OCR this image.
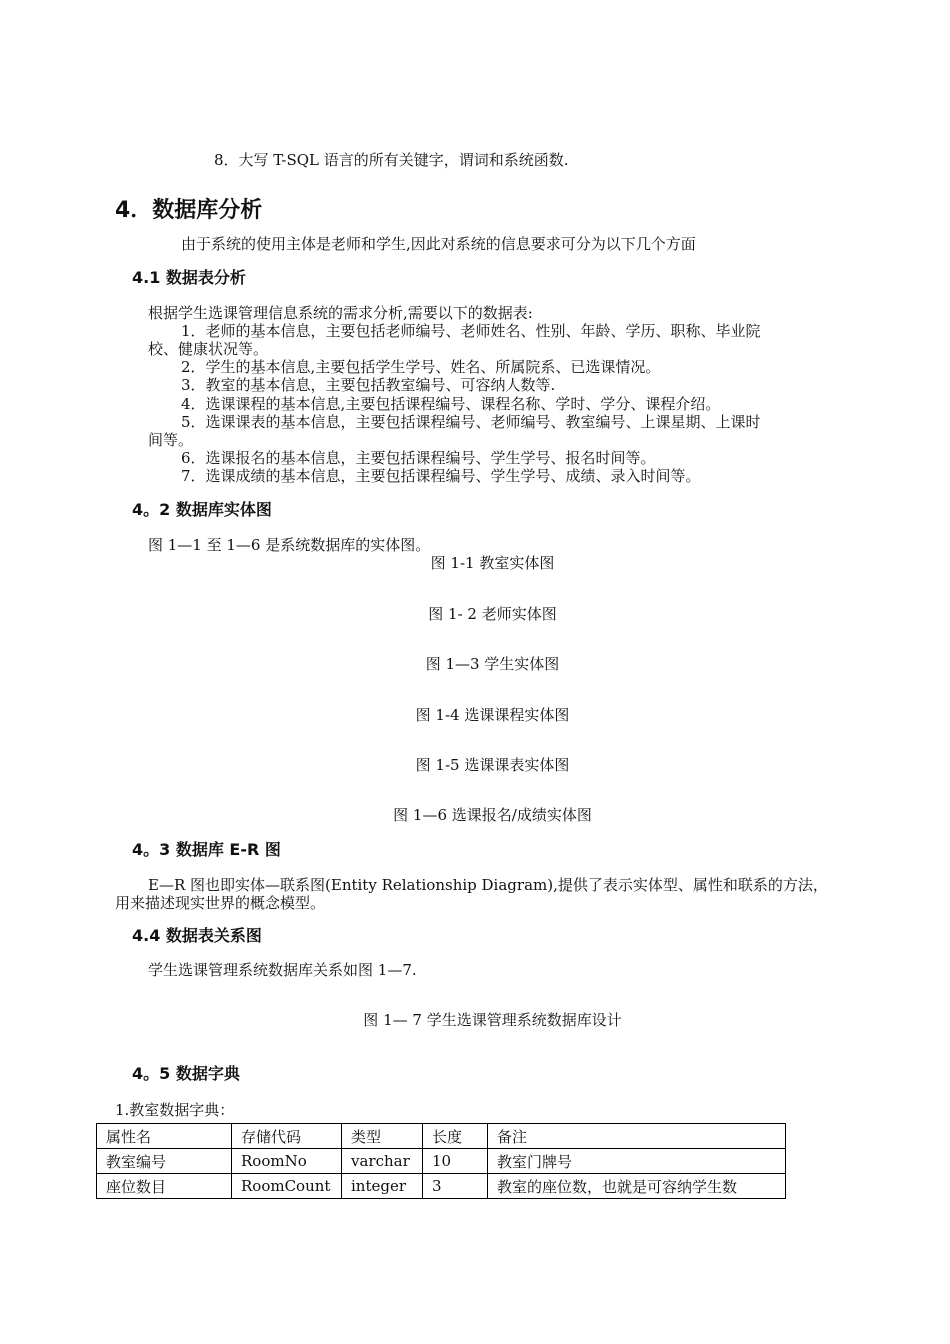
8．大写 T-SQL 语言的所有关键字，谓词和系统函数.
4．数据库分析
由于系统的使用主体是老师和学生,因此对系统的信息要求可分为以下几个方面
4.1 数据表分析
根据学生选课管理信息系统的需求分析,需要以下的数据表:
1．老师的基本信息，主要包括老师编号、老师姓名、性别、年龄、学历、职称、毕业院
校、健康状况等。
2．学生的基本信息,主要包括学生学号、姓名、所属院系、已选课情况。
3．教室的基本信息，主要包括教室编号、可容纳人数等.
4．选课课程的基本信息,主要包括课程编号、课程名称、学时、学分、课程介绍。
5．选课课表的基本信息，主要包括课程编号、老师编号、教室编号、上课星期、上课时
间等。
6．选课报名的基本信息，主要包括课程编号、学生学号、报名时间等。
7．选课成绩的基本信息，主要包括课程编号、学生学号、成绩、录入时间等。
4。2 数据库实体图
图 1—1 至 1—6 是系统数据库的实体图。
图 1-1 教室实体图
图 1- 2 老师实体图
图 1—3 学生实体图
图 1-4 选课课程实体图
图 1-5 选课课表实体图
图 1—6 选课报名/成绩实体图
4。3 数据库 E-R 图
E—R 图也即实体—联系图(Entity Relationship Diagram),提供了表示实体型、属性和联系的方法，
用来描述现实世界的概念模型。
4.4 数据表关系图
学生选课管理系统数据库关系如图 1—7.
图 1— 7 学生选课管理系统数据库设计
4。5 数据字典
1.教室数据字典：
属性名	存储代码	类型	长度	备注
教室编号	RoomNo	varchar	10	教室门牌号
座位数目	RoomCount	integer	3	教室的座位数，也就是可容纳学生数
